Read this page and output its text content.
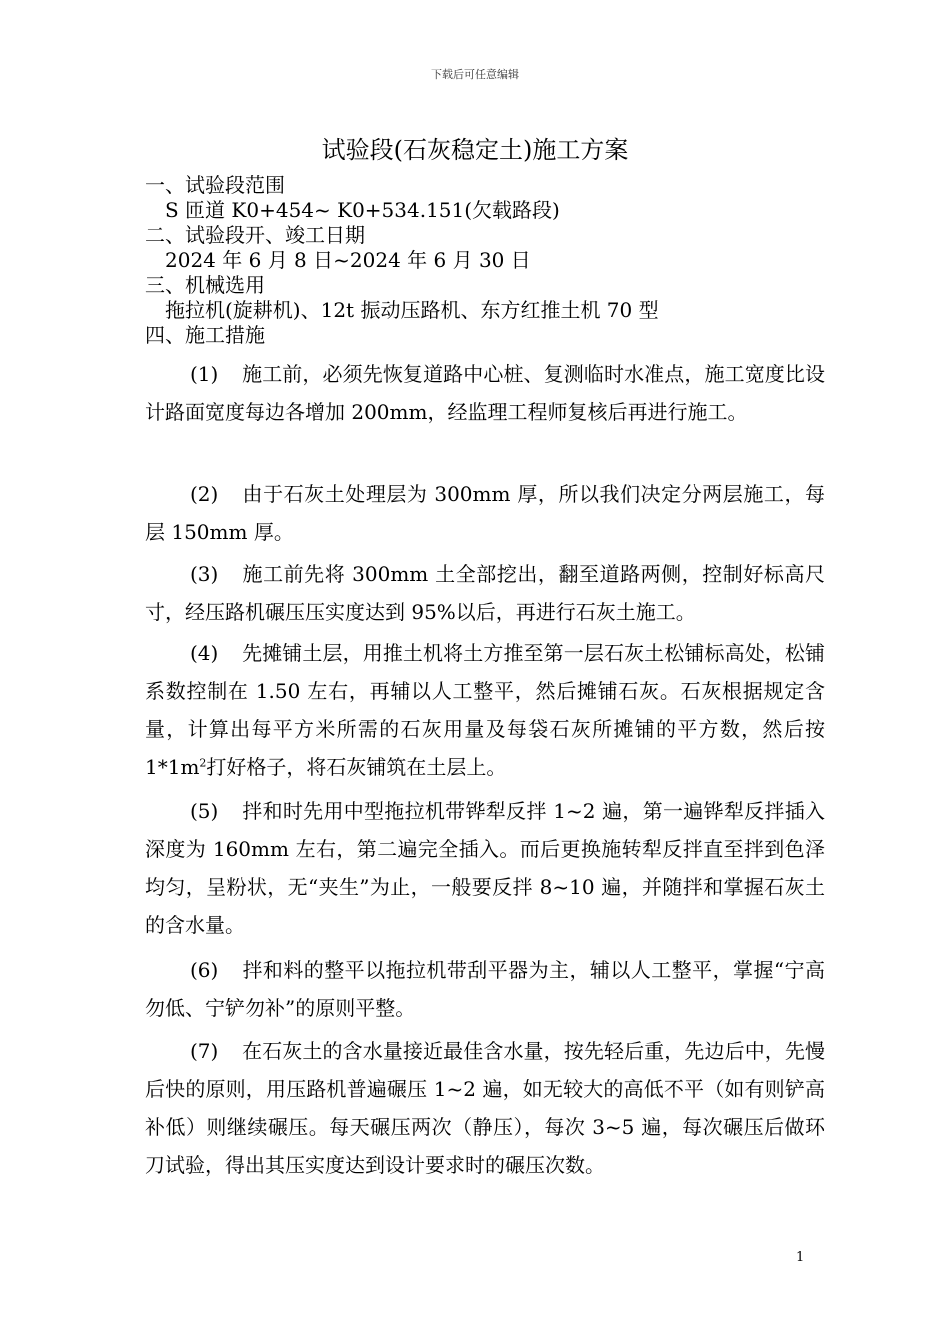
下载后可任意编辑
试验段(石灰稳定土)施工方案
一、试验段范围
S 匝道 K0+454~ K0+534.151(欠载路段)
二、试验段开、竣工日期
2024 年 6 月 8 日~2024 年 6 月 30 日
三、机械选用
拖拉机(旋耕机)、12t 振动压路机、东方红推土机 70 型
四、施工措施
(1) 施工前，必须先恢复道路中心桩、复测临时水准点，施工宽度比设计路面宽度每边各增加 200mm，经监理工程师复核后再进行施工。
(2) 由于石灰土处理层为 300mm 厚，所以我们决定分两层施工，每层 150mm 厚。
(3) 施工前先将 300mm 土全部挖出，翻至道路两侧，控制好标高尺寸，经压路机碾压压实度达到 95%以后，再进行石灰土施工。
(4) 先摊铺土层，用推土机将土方推至第一层石灰土松铺标高处，松铺系数控制在 1.50 左右，再辅以人工整平，然后摊铺石灰。石灰根据规定含量，计算出每平方米所需的石灰用量及每袋石灰所摊铺的平方数，然后按 $1*1m^2$打好格子，将石灰铺筑在土层上。
(5) 拌和时先用中型拖拉机带铧犁反拌 1~2 遍，第一遍铧犁反拌插入深度为 160mm 左右，第二遍完全插入。而后更换施转犁反拌直至拌到色泽均匀，呈粉状，无“夹生”为止，一般要反拌 8~10 遍，并随拌和掌握石灰土的含水量。
(6) 拌和料的整平以拖拉机带刮平器为主，辅以人工整平，掌握“宁高勿低、宁铲勿补”的原则平整。
(7) 在石灰土的含水量接近最佳含水量，按先轻后重，先边后中，先慢后快的原则，用压路机普遍碾压 1~2 遍，如无较大的高低不平（如有则铲高补低）则继续碾压。每天碾压两次（静压），每次 3~5 遍，每次碾压后做环刀试验，得出其压实度达到设计要求时的碾压次数。
1
